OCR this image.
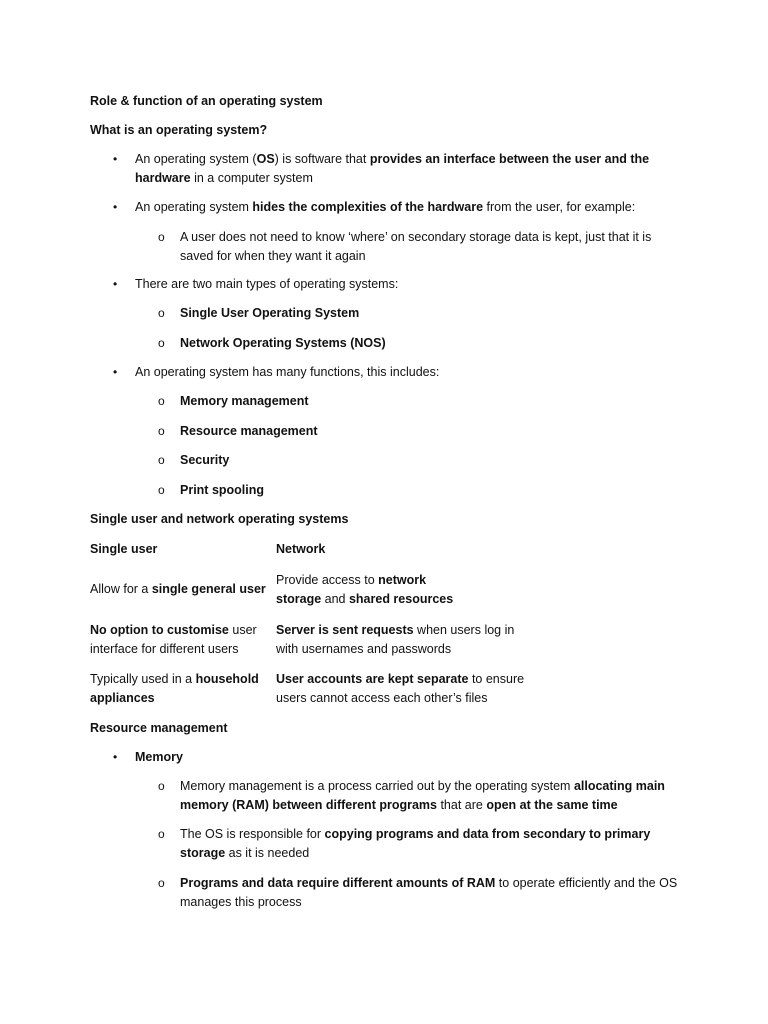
Role & function of an operating system
What is an operating system?
• An operating system (OS) is software that provides an interface between the user and the
hardware in a computer system
• An operating system hides the complexities of the hardware from the user, for example:
o A user does not need to know ‘where’ on secondary storage data is kept, just that it is saved for when they want it again
• There are two main types of operating systems:
o Single User Operating System
o Network Operating Systems (NOS)
• An operating system has many functions, this includes:
o Memory management
o Resource management
o Security
o Print spooling
Single user and network operating systems
Single user	Network
Allow for a single general user
Provide access to network
storage and shared resources
No option to customise user
interface for different users
Server is sent requests when users log in
with usernames and passwords
Typically used in a household
appliances
User accounts are kept separate to ensure
users cannot access each other’s files
Resource management
• Memory
o Memory management is a process carried out by the operating system allocating main
memory (RAM) between different programs that are open at the same time
o The OS is responsible for copying programs and data from secondary to primary
storage as it is needed
o Programs and data require different amounts of RAM to operate efficiently and the OS
manages this process
